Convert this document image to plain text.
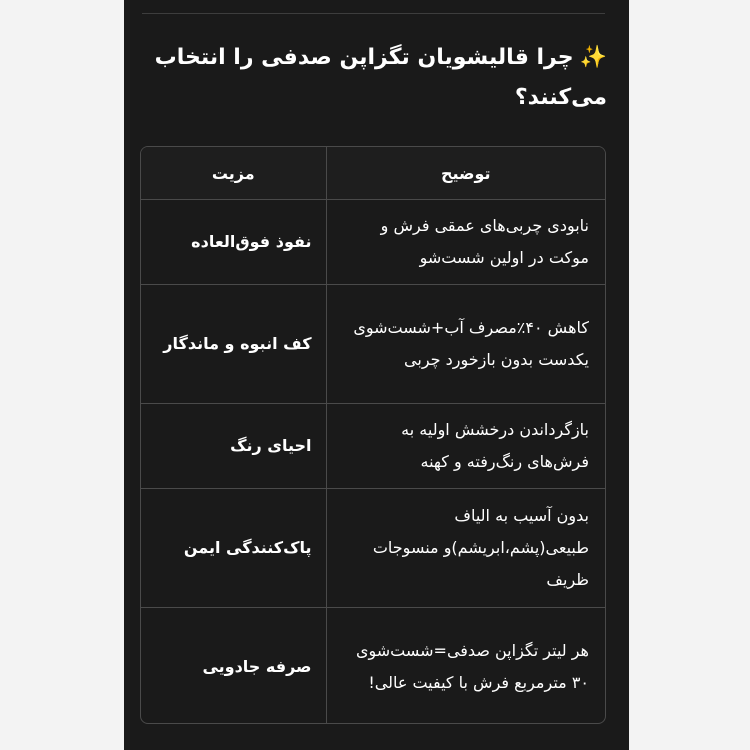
✨چرا قالیشویان تگزاپن صدفی را انتخاب می‌کنند؟
توضیح	مزیت
نابودی چربی‌های عمقی فرش و موکت در اولین شست‌شو	نفوذ فوق‌العاده
کاهش ۴۰٪مصرف آب+شست‌شوی یکدست بدون بازخورد چربی	کف انبوه و ماندگار
بازگرداندن درخشش اولیه به فرش‌های رنگ‌رفته و کهنه	احیای رنگ
بدون آسیب به الیاف طبیعی(پشم،ابریشم)و منسوجات ظریف	پاک‌کنندگی ایمن
هر لیتر تگزاپن صدفی=شست‌شوی ۳۰ مترمربع فرش با کیفیت عالی!	صرفه جادویی
